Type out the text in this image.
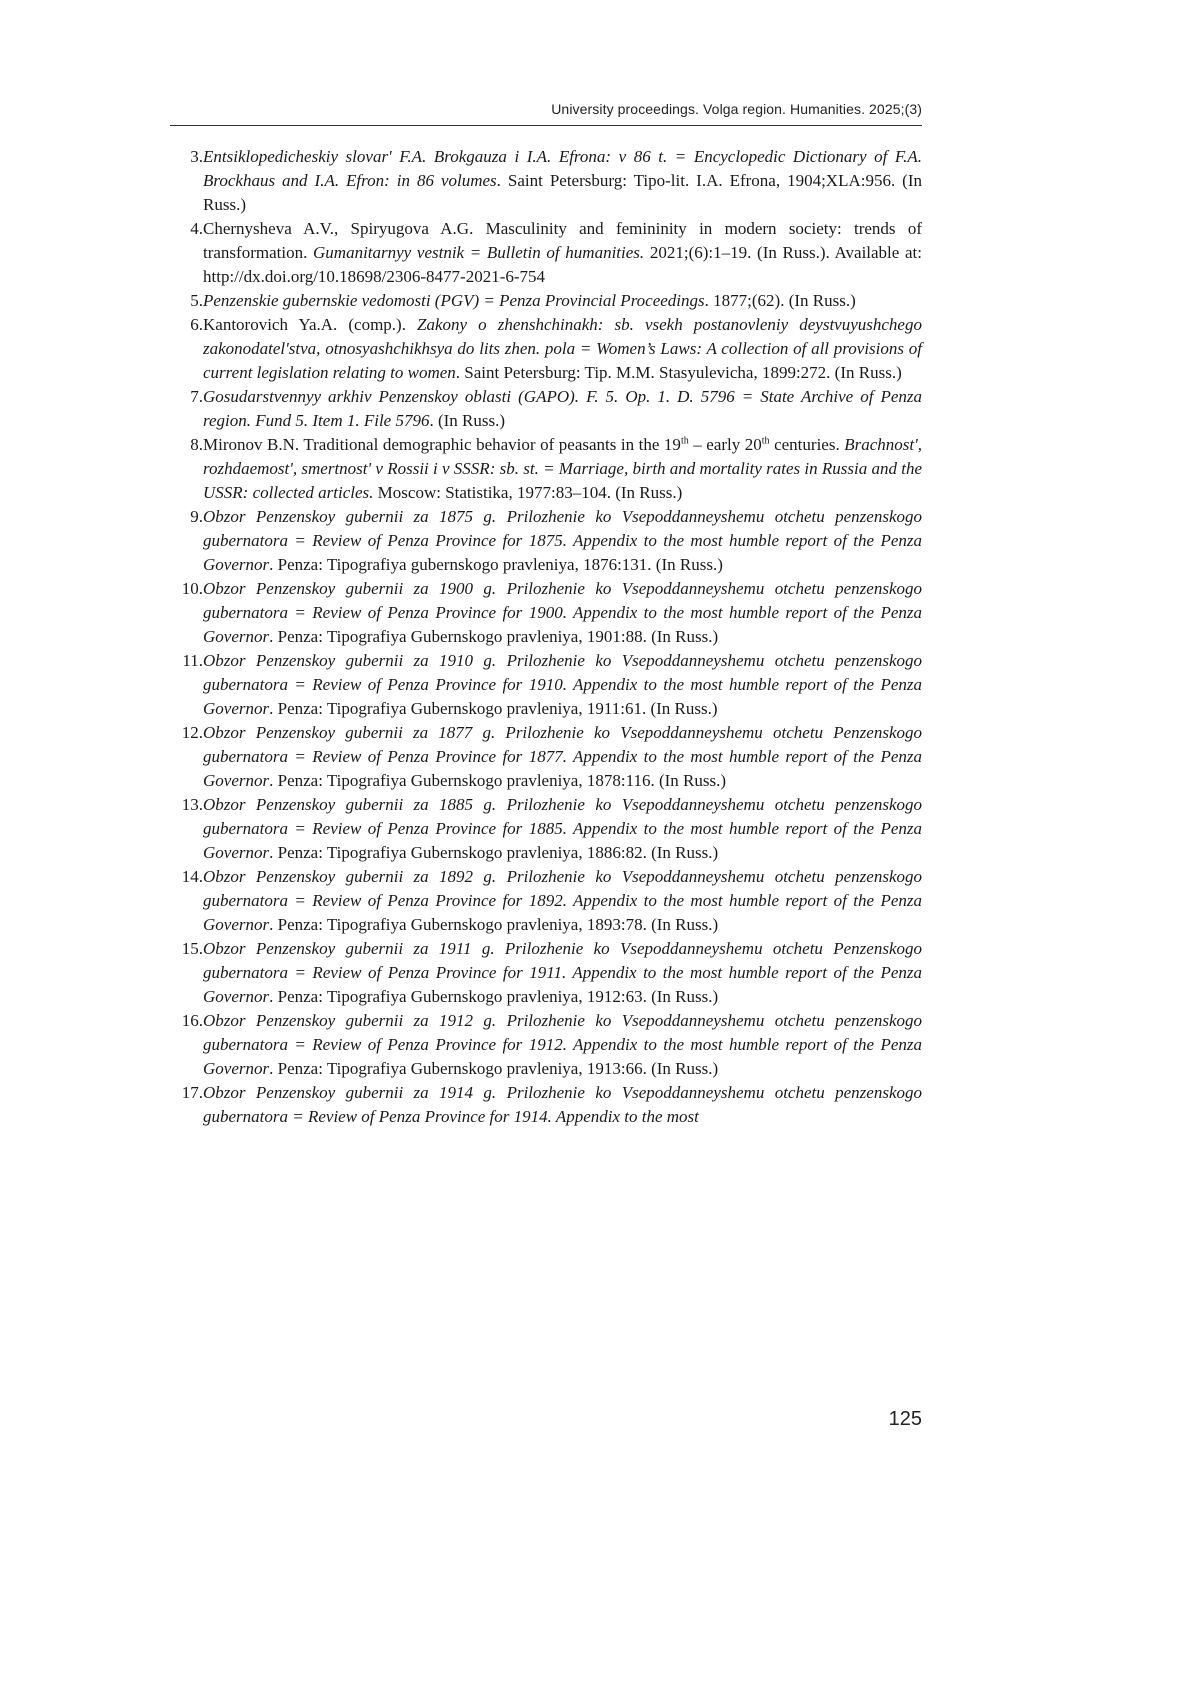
University proceedings. Volga region. Humanities. 2025;(3)
3. Entsiklopedicheskiy slovar' F.A. Brokgauza i I.A. Efrona: v 86 t. = Encyclopedic Dictionary of F.A. Brockhaus and I.A. Efron: in 86 volumes. Saint Petersburg: Tipo-lit. I.A. Efrona, 1904;XLA:956. (In Russ.)
4. Chernysheva A.V., Spiryugova A.G. Masculinity and femininity in modern society: trends of transformation. Gumanitarnyy vestnik = Bulletin of humanities. 2021;(6):1–19. (In Russ.). Available at: http://dx.doi.org/10.18698/2306-8477-2021-6-754
5. Penzenskie gubernskie vedomosti (PGV) = Penza Provincial Proceedings. 1877;(62). (In Russ.)
6. Kantorovich Ya.A. (comp.). Zakony o zhenshchinakh: sb. vsekh postanovleniy deystvuyushchego zakonodatel'stva, otnosyashchikhsya do lits zhen. pola = Women’s Laws: A collection of all provisions of current legislation relating to women. Saint Petersburg: Tip. M.M. Stasyulevicha, 1899:272. (In Russ.)
7. Gosudarstvennyy arkhiv Penzenskoy oblasti (GAPO). F. 5. Op. 1. D. 5796 = State Archive of Penza region. Fund 5. Item 1. File 5796. (In Russ.)
8. Mironov B.N. Traditional demographic behavior of peasants in the 19th – early 20th centuries. Brachnost', rozhdaemost', smertnost' v Rossii i v SSSR: sb. st. = Marriage, birth and mortality rates in Russia and the USSR: collected articles. Moscow: Statistika, 1977:83–104. (In Russ.)
9. Obzor Penzenskoy gubernii za 1875 g. Prilozhenie ko Vsepoddanneyshemu otchetu penzenskogo gubernatora = Review of Penza Province for 1875. Appendix to the most humble report of the Penza Governor. Penza: Tipografiya gubernskogo pravleniya, 1876:131. (In Russ.)
10. Obzor Penzenskoy gubernii za 1900 g. Prilozhenie ko Vsepoddanneyshemu otchetu penzenskogo gubernatora = Review of Penza Province for 1900. Appendix to the most humble report of the Penza Governor. Penza: Tipografiya Gubernskogo pravleniya, 1901:88. (In Russ.)
11. Obzor Penzenskoy gubernii za 1910 g. Prilozhenie ko Vsepoddanneyshemu otchetu penzenskogo gubernatora = Review of Penza Province for 1910. Appendix to the most humble report of the Penza Governor. Penza: Tipografiya Gubernskogo pravleniya, 1911:61. (In Russ.)
12. Obzor Penzenskoy gubernii za 1877 g. Prilozhenie ko Vsepoddanneyshemu otchetu Penzenskogo gubernatora = Review of Penza Province for 1877. Appendix to the most humble report of the Penza Governor. Penza: Tipografiya Gubernskogo pravleniya, 1878:116. (In Russ.)
13. Obzor Penzenskoy gubernii za 1885 g. Prilozhenie ko Vsepoddanneyshemu otchetu penzenskogo gubernatora = Review of Penza Province for 1885. Appendix to the most humble report of the Penza Governor. Penza: Tipografiya Gubernskogo pravleniya, 1886:82. (In Russ.)
14. Obzor Penzenskoy gubernii za 1892 g. Prilozhenie ko Vsepoddanneyshemu otchetu penzenskogo gubernatora = Review of Penza Province for 1892. Appendix to the most humble report of the Penza Governor. Penza: Tipografiya Gubernskogo pravleniya, 1893:78. (In Russ.)
15. Obzor Penzenskoy gubernii za 1911 g. Prilozhenie ko Vsepoddanneyshemu otchetu Penzenskogo gubernatora = Review of Penza Province for 1911. Appendix to the most humble report of the Penza Governor. Penza: Tipografiya Gubernskogo pravleniya, 1912:63. (In Russ.)
16. Obzor Penzenskoy gubernii za 1912 g. Prilozhenie ko Vsepoddanneyshemu otchetu penzenskogo gubernatora = Review of Penza Province for 1912. Appendix to the most humble report of the Penza Governor. Penza: Tipografiya Gubernskogo pravleniya, 1913:66. (In Russ.)
17. Obzor Penzenskoy gubernii za 1914 g. Prilozhenie ko Vsepoddanneyshemu otchetu penzenskogo gubernatora = Review of Penza Province for 1914. Appendix to the most
125
